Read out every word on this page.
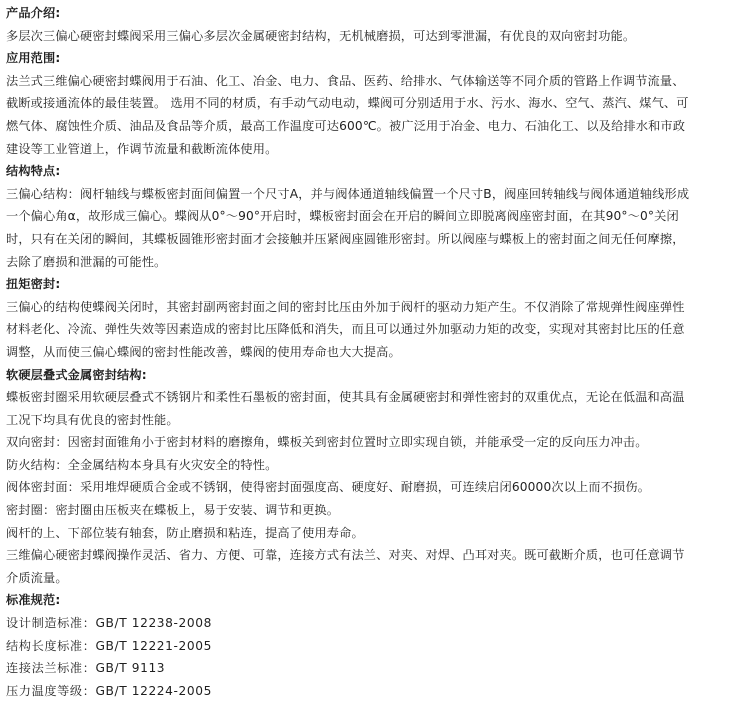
产品介绍:

多层次三偏心硬密封蝶阀采用三偏心多层次金属硬密封结构，无机械磨损，可达到零泄漏，有优良的双向密封功能。

应用范围:

法兰式三维偏心硬密封蝶阀用于石油、化工、冶金、电力、食品、医药、给排水、气体输送等不同介质的管路上作调节流量、

截断或接通流体的最佳装置。 选用不同的材质，有手动气动电动，蝶阀可分别适用于水、污水、海水、空气、蒸汽、煤气、可

燃气体、腐蚀性介质、油品及食品等介质，最高工作温度可达600℃。被广泛用于冶金、电力、石油化工、以及给排水和市政

建设等工业管道上，作调节流量和截断流体使用。

结构特点:

三偏心结构：阀杆轴线与蝶板密封面间偏置一个尺寸A，并与阀体通道轴线偏置一个尺寸B，阀座回转轴线与阀体通道轴线形成

一个偏心角α，故形成三偏心。蝶阀从0°～90°开启时，蝶板密封面会在开启的瞬间立即脱离阀座密封面，在其90°～0°关闭

时，只有在关闭的瞬间，其蝶板圆锥形密封面才会接触并压紧阀座圆锥形密封。所以阀座与蝶板上的密封面之间无任何摩擦，

去除了磨损和泄漏的可能性。

扭矩密封:

三偏心的结构使蝶阀关闭时，其密封副两密封面之间的密封比压由外加于阀杆的驱动力矩产生。不仅消除了常规弹性阀座弹性

材料老化、冷流、弹性失效等因素造成的密封比压降低和消失，而且可以通过外加驱动力矩的改变，实现对其密封比压的任意

调整，从而使三偏心蝶阀的密封性能改善，蝶阀的使用寿命也大大提高。

软硬层叠式金属密封结构:

蝶板密封圈采用软硬层叠式不锈钢片和柔性石墨板的密封面，使其具有金属硬密封和弹性密封的双重优点，无论在低温和高温

工况下均具有优良的密封性能。

双向密封：因密封面锥角小于密封材料的磨擦角，蝶板关到密封位置时立即实现自锁，并能承受一定的反向压力冲击。

防火结构：全金属结构本身具有火灾安全的特性。

阀体密封面：采用堆焊硬质合金或不锈钢，使得密封面强度高、硬度好、耐磨损，可连续启闭60000次以上而不损伤。

密封圈：密封圈由压板夹在蝶板上，易于安装、调节和更换。

阀杆的上、下部位装有轴套，防止磨损和粘连，提高了使用寿命。

三维偏心硬密封蝶阀操作灵活、省力、方便、可靠，连接方式有法兰、对夹、对焊、凸耳对夹。既可截断介质，也可任意调节

介质流量。

标准规范:

设计制造标准：GB/T 12238-2008

结构长度标准：GB/T 12221-2005

连接法兰标准：GB/T 9113

压力温度等级：GB/T 12224-2005
